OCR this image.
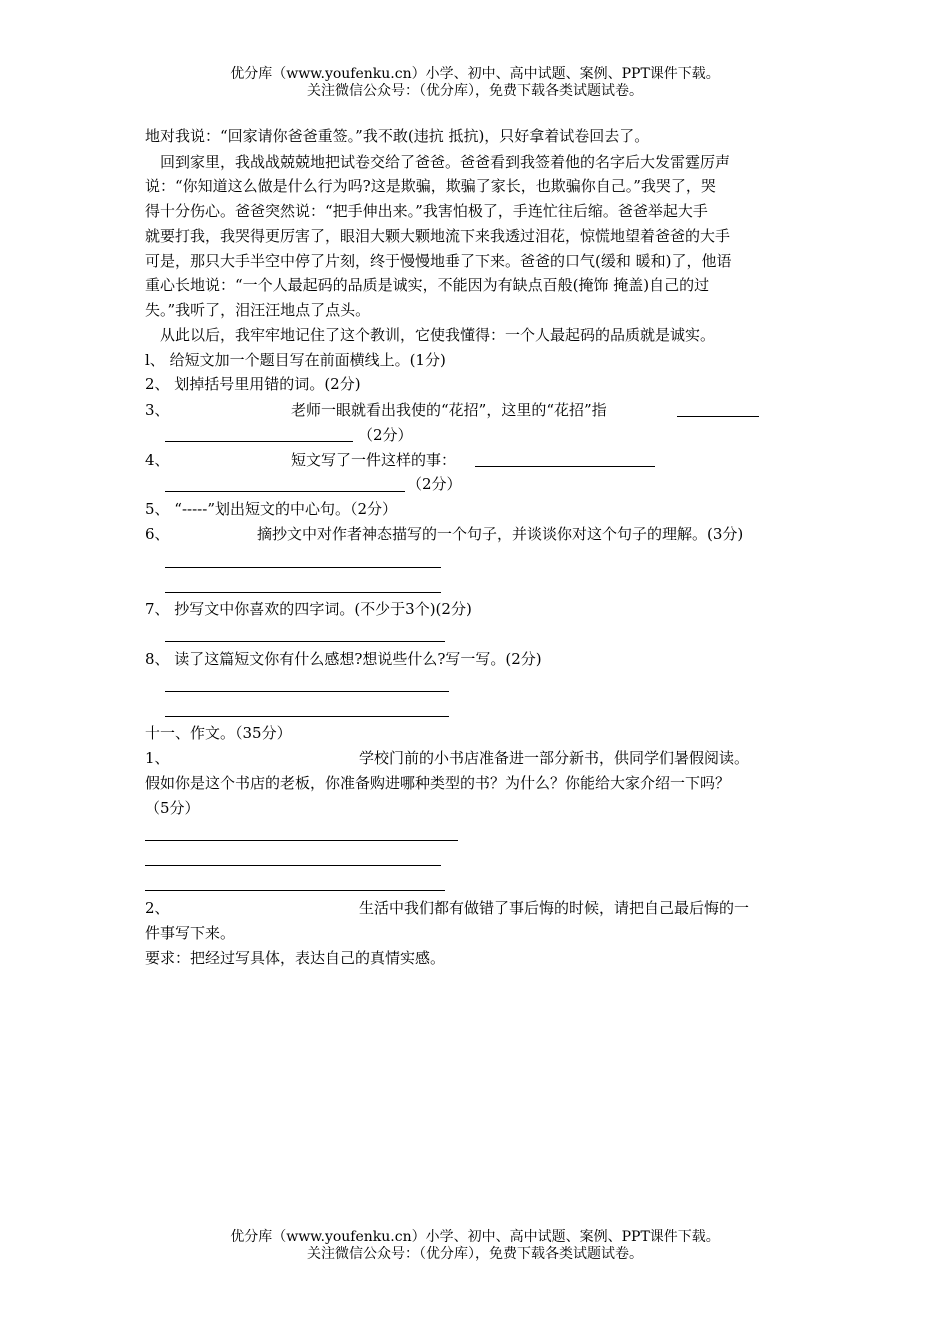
优分库（www.youfenku.cn）小学、初中、高中试题、案例、PPT课件下载。
关注微信公众号：（优分库），免费下载各类试题试卷。
地对我说：“回家请你爸爸重签。”我不敢(违抗 抵抗)，只好拿着试卷回去了。
回到家里，我战战兢兢地把试卷交给了爸爸。爸爸看到我签着他的名字后大发雷霆厉声
说：“你知道这么做是什么行为吗?这是欺骗，欺骗了家长，也欺骗你自己。”我哭了，哭
得十分伤心。爸爸突然说：“把手伸出来。”我害怕极了，手连忙往后缩。爸爸举起大手
就要打我，我哭得更厉害了，眼泪大颗大颗地流下来我透过泪花，惊慌地望着爸爸的大手
可是，那只大手半空中停了片刻，终于慢慢地垂了下来。爸爸的口气(缓和 暖和)了，他语
重心长地说：“一个人最起码的品质是诚实，不能因为有缺点百般(掩饰 掩盖)自己的过
失。”我听了，泪汪汪地点了点头。
从此以后，我牢牢地记住了这个教训，它使我懂得：一个人最起码的品质就是诚实。
l、 给短文加一个题目写在前面横线上。(1分)
2、 划掉括号里用错的词。(2分)
3、	老师一眼就看出我使的“花招”，这里的“花招”指
（2分）
4、	短文写了一件这样的事：
（2分）
5、 “-----”划出短文的中心句。（2分）
6、	摘抄文中对作者神态描写的一个句子，并谈谈你对这个句子的理解。(3分)
7、 抄写文中你喜欢的四字词。(不少于3个)(2分)
8、 读了这篇短文你有什么感想?想说些什么?写一写。(2分)
十一、作文。（35分）
1、	学校门前的小书店准备进一部分新书，供同学们暑假阅读。
假如你是这个书店的老板，你准备购进哪种类型的书？为什么？你能给大家介绍一下吗？
（5分）
2、	生活中我们都有做错了事后悔的时候，请把自己最后悔的一
件事写下来。
要求：把经过写具体，表达自己的真情实感。
优分库（www.youfenku.cn）小学、初中、高中试题、案例、PPT课件下载。
关注微信公众号：（优分库），免费下载各类试题试卷。
